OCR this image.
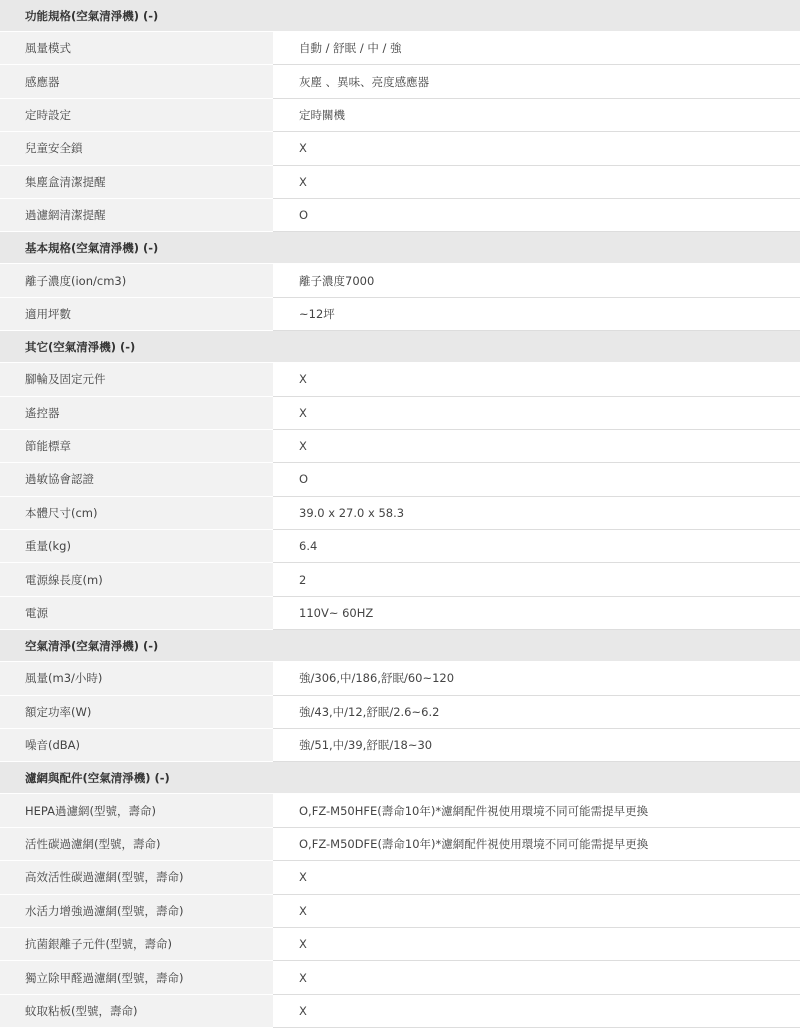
功能規格(空氣清淨機) (-)
風量模式	自動 / 舒眠 / 中 / 強
感應器	灰塵 、異味、亮度感應器
定時設定	定時關機
兒童安全鎖	X
集塵盒清潔提醒	X
過濾網清潔提醒	O
基本規格(空氣清淨機) (-)
離子濃度(ion/cm3)	離子濃度7000
適用坪數	~12坪
其它(空氣清淨機) (-)
腳輪及固定元件	X
遙控器	X
節能標章	X
過敏協會認證	O
本體尺寸(cm)	39.0 x 27.0 x 58.3
重量(kg)	6.4
電源線長度(m)	2
電源	110V~ 60HZ
空氣清淨(空氣清淨機) (-)
風量(m3/小時)	強/306,中/186,舒眠/60~120
額定功率(W)	強/43,中/12,舒眠/2.6~6.2
噪音(dBA)	強/51,中/39,舒眠/18~30
濾網與配件(空氣清淨機) (-)
HEPA過濾網(型號，壽命)	O,FZ-M50HFE(壽命10年)*濾網配件視使用環境不同可能需提早更換
活性碳過濾網(型號，壽命)	O,FZ-M50DFE(壽命10年)*濾網配件視使用環境不同可能需提早更換
高效活性碳過濾網(型號，壽命)	X
水活力增強過濾網(型號，壽命)	X
抗菌銀離子元件(型號，壽命)	X
獨立除甲醛過濾網(型號，壽命)	X
蚊取粘板(型號，壽命)	X
